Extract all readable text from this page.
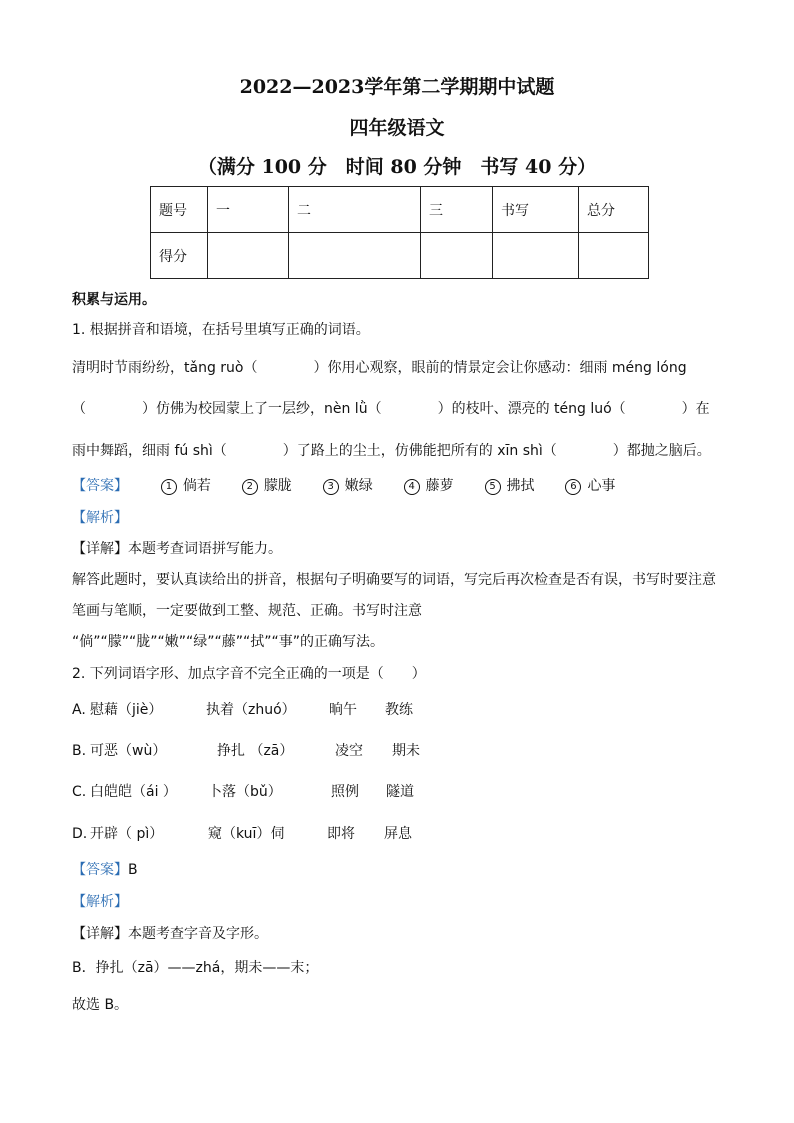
2022—2023学年第二学期期中试题
四年级语文
（满分 100 分　时间 80 分钟　书写 40 分）
题号	一	二	三	书写	总分
得分					
积累与运用。
1. 根据拼音和语境，在括号里填写正确的词语。
清明时节雨纷纷，tǎng ruò（　　　　）你用心观察，眼前的情景定会让你感动：细雨 méng lóng
（　　　　）仿佛为校园蒙上了一层纱，nèn lǜ（　　　　）的枝叶、漂亮的 téng luó（　　　　）在
雨中舞蹈，细雨 fú shì（　　　　）了路上的尘土，仿佛能把所有的 xīn shì（　　　　）都抛之脑后。
【答案】	1 倘若	2 朦胧	3 嫩绿	4 藤萝	5 拂拭	6 心事
【解析】
【详解】本题考查词语拼写能力。
解答此题时，要认真读给出的拼音，根据句子明确要写的词语，写完后再次检查是否有误，书写时要注意
笔画与笔顺，一定要做到工整、规范、正确。书写时注意
“倘”“朦”“胧”“嫩”“绿”“藤”“拭”“事”的正确写法。
2. 下列词语字形、加点字音不完全正确的一项是（　　）
A. 慰藉（jiè）	执着（zhuó） 晌午 教练
B. 可恶（wù）	挣扎 （zā）	凌空 期未
C. 白皑皑（ái ） 卜落（bǔ）	照例 隧道
D. 开辟（ pì）	窥（kuī）伺	即将 屏息
【答案】B
【解析】
【详解】本题考查字音及字形。
B．挣扎（zā）——zhá，期未——末；
故选 B。
